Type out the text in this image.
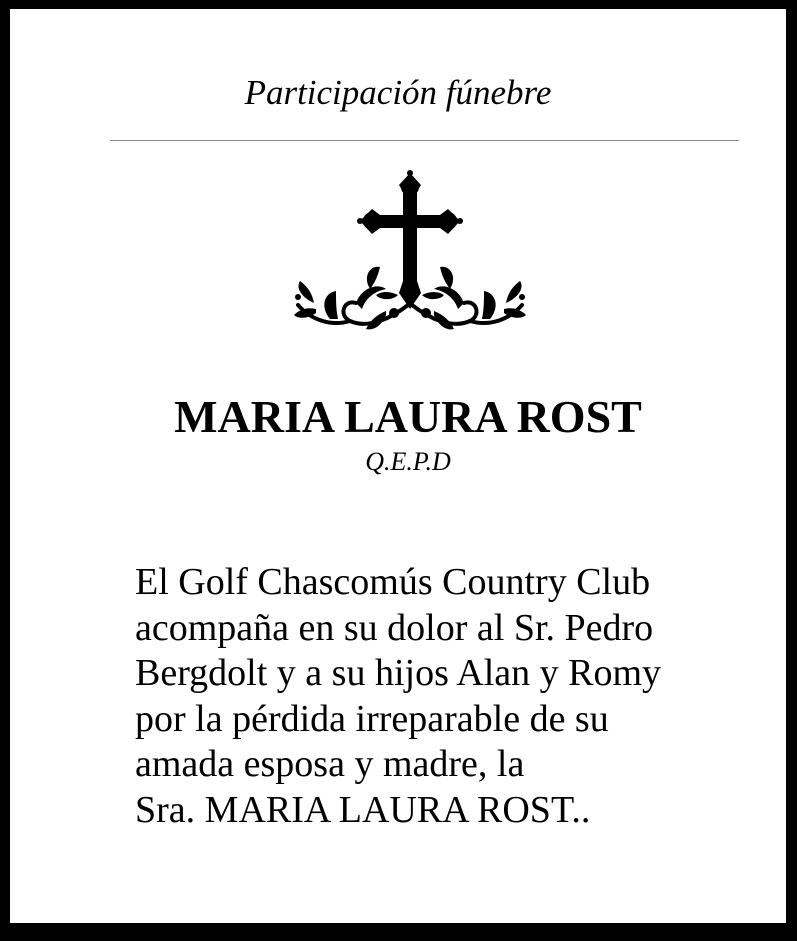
Participación fúnebre
MARIA LAURA ROST
Q.E.P.D
El Golf Chascomús Country Club
acompaña en su dolor al Sr. Pedro
Bergdolt y a su hijos Alan y Romy
por la pérdida irreparable de su
amada esposa y madre, la
Sra. MARIA LAURA ROST..
